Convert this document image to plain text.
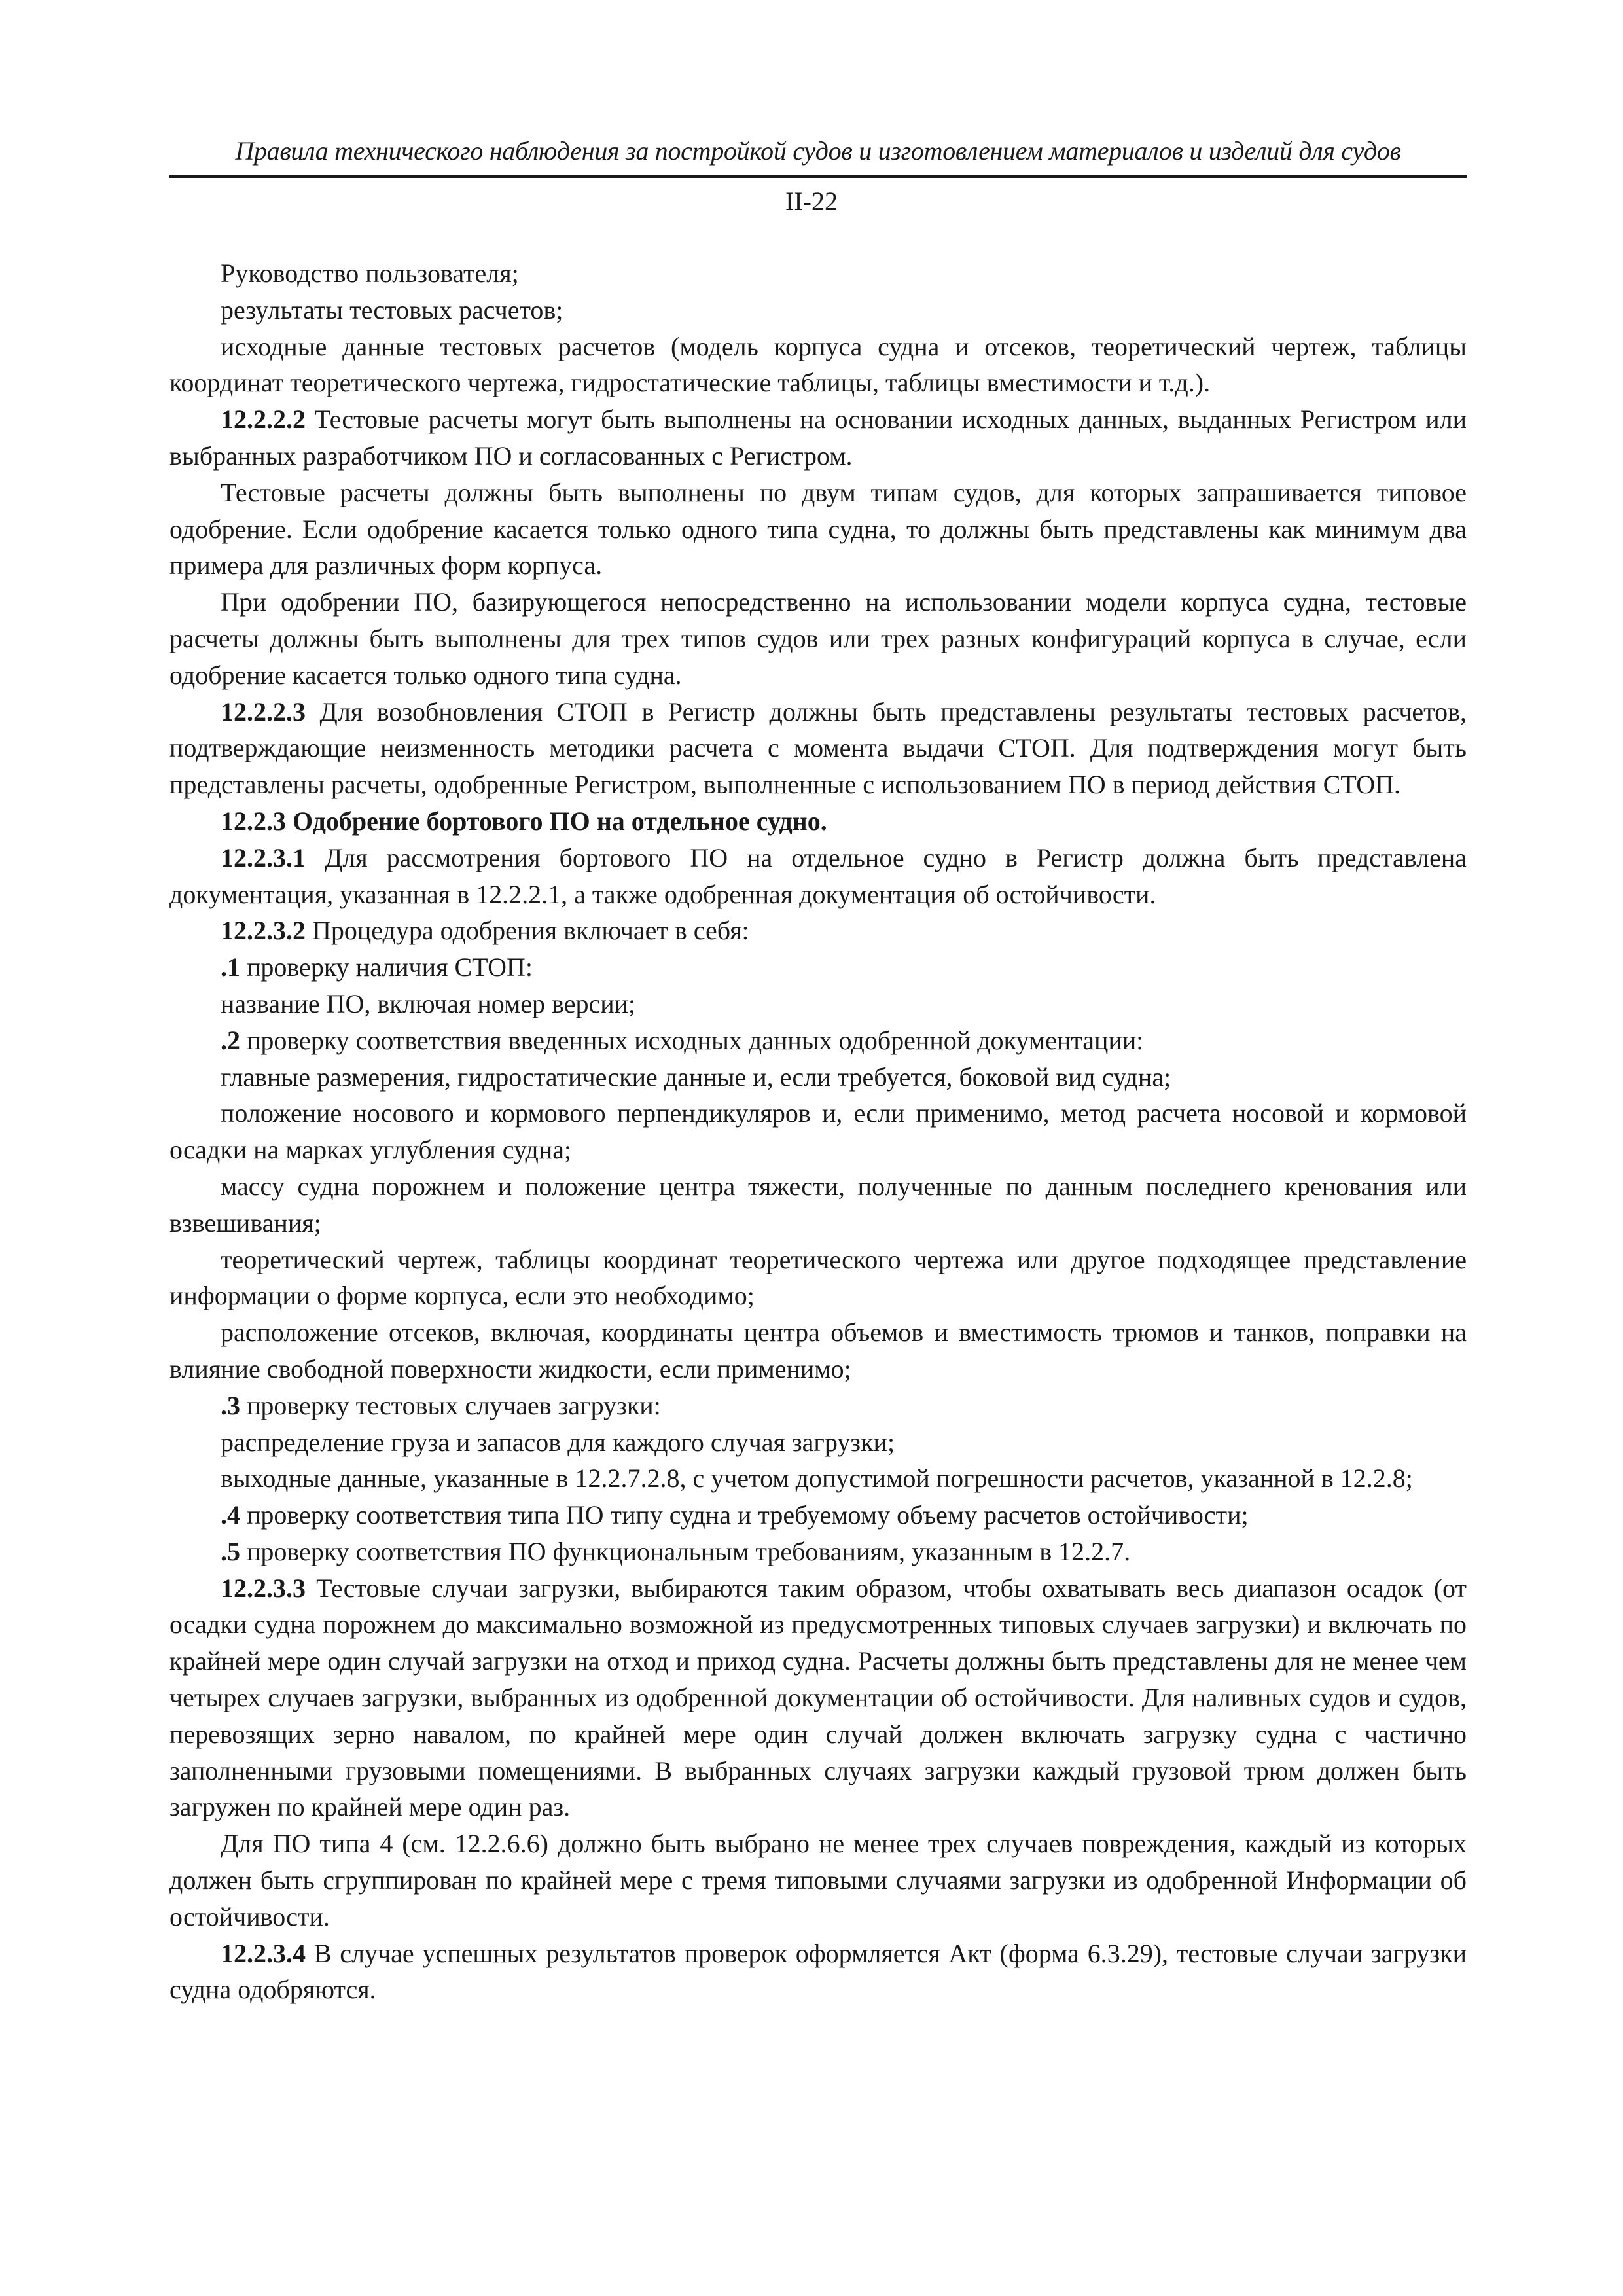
Правила технического наблюдения за постройкой судов и изготовлением материалов и изделий для судов
II-22

Руководство пользователя;

результаты тестовых расчетов;

исходные данные тестовых расчетов (модель корпуса судна и отсеков, теоретический чертеж, таблицы координат теоретического чертежа, гидростатические таблицы, таблицы вместимости и т.д.).

12.2.2.2 Тестовые расчеты могут быть выполнены на основании исходных данных, выданных Регистром или выбранных разработчиком ПО и согласованных с Регистром.

Тестовые расчеты должны быть выполнены по двум типам судов, для которых запрашивается типовое одобрение. Если одобрение касается только одного типа судна, то должны быть представлены как минимум два примера для различных форм корпуса.

При одобрении ПО, базирующегося непосредственно на использовании модели корпуса судна, тестовые расчеты должны быть выполнены для трех типов судов или трех разных конфигураций корпуса в случае, если одобрение касается только одного типа судна.

12.2.2.3 Для возобновления СТОП в Регистр должны быть представлены результаты тестовых расчетов, подтверждающие неизменность методики расчета с момента выдачи СТОП. Для подтверждения могут быть представлены расчеты, одобренные Регистром, выполненные с использованием ПО в период действия СТОП.

12.2.3 Одобрение бортового ПО на отдельное судно.

12.2.3.1 Для рассмотрения бортового ПО на отдельное судно в Регистр должна быть представлена документация, указанная в 12.2.2.1, а также одобренная документация об остойчивости.

12.2.3.2 Процедура одобрения включает в себя:

.1 проверку наличия СТОП:

название ПО, включая номер версии;

.2 проверку соответствия введенных исходных данных одобренной документации:

главные размерения, гидростатические данные и, если требуется, боковой вид судна;

положение носового и кормового перпендикуляров и, если применимо, метод расчета носовой и кормовой осадки на марках углубления судна;

массу судна порожнем и положение центра тяжести, полученные по данным последнего кренования или взвешивания;

теоретический чертеж, таблицы координат теоретического чертежа или другое подходящее представление информации о форме корпуса, если это необходимо;

расположение отсеков, включая, координаты центра объемов и вместимость трюмов и танков, поправки на влияние свободной поверхности жидкости, если применимо;

.3 проверку тестовых случаев загрузки:

распределение груза и запасов для каждого случая загрузки;

выходные данные, указанные в 12.2.7.2.8, с учетом допустимой погрешности расчетов, указанной в 12.2.8;

.4 проверку соответствия типа ПО типу судна и требуемому объему расчетов остойчивости;

.5 проверку соответствия ПО функциональным требованиям, указанным в 12.2.7.

12.2.3.3 Тестовые случаи загрузки, выбираются таким образом, чтобы охватывать весь диапазон осадок (от осадки судна порожнем до максимально возможной из предусмотренных типовых случаев загрузки) и включать по крайней мере один случай загрузки на отход и приход судна. Расчеты должны быть представлены для не менее чем четырех случаев загрузки, выбранных из одобренной документации об остойчивости. Для наливных судов и судов, перевозящих зерно навалом, по крайней мере один случай должен включать загрузку судна с частично заполненными грузовыми помещениями. В выбранных случаях загрузки каждый грузовой трюм должен быть загружен по крайней мере один раз.

Для ПО типа 4 (см. 12.2.6.6) должно быть выбрано не менее трех случаев повреждения, каждый из которых должен быть сгруппирован по крайней мере с тремя типовыми случаями загрузки из одобренной Информации об остойчивости.

12.2.3.4 В случае успешных результатов проверок оформляется Акт (форма 6.3.29), тестовые случаи загрузки судна одобряются.
